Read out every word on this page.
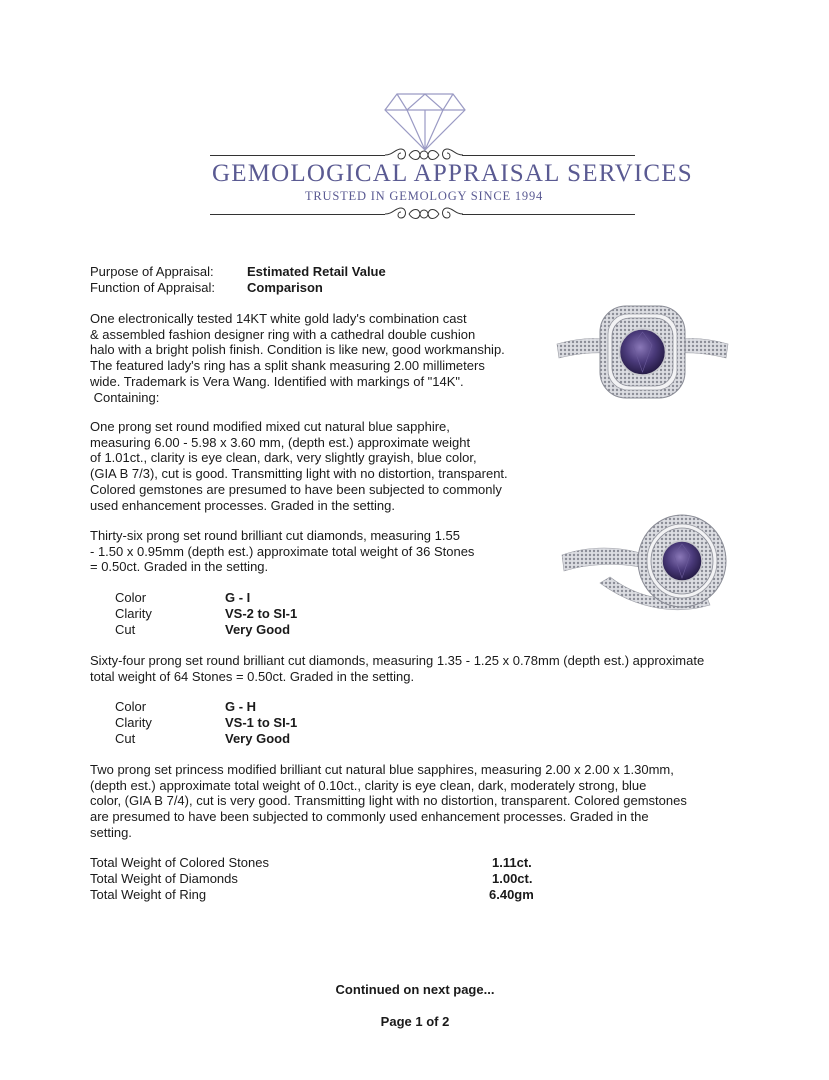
GEMOLOGICAL APPRAISAL SERVICES
TRUSTED IN GEMOLOGY SINCE 1994
Purpose of Appraisal:	Estimated Retail Value
Function of Appraisal: Comparison
One electronically tested 14KT white gold lady's combination cast
& assembled fashion designer ring with a cathedral double cushion
halo with a bright polish finish. Condition is like new, good workmanship.
The featured lady's ring has a split shank measuring 2.00 millimeters
wide. Trademark is Vera Wang. Identified with markings of "14K".
Containing:
One prong set round modified mixed cut natural blue sapphire,
measuring 6.00 - 5.98 x 3.60 mm, (depth est.) approximate weight
of 1.01ct., clarity is eye clean, dark, very slightly grayish, blue color,
(GIA B 7/3), cut is good. Transmitting light with no distortion, transparent.
Colored gemstones are presumed to have been subjected to commonly
used enhancement processes. Graded in the setting.
Thirty-six prong set round brilliant cut diamonds, measuring 1.55
- 1.50 x 0.95mm (depth est.) approximate total weight of 36 Stones
= 0.50ct. Graded in the setting.
Color	G - I
Clarity	VS-2 to SI-1
Cut	Very Good
Sixty-four prong set round brilliant cut diamonds, measuring 1.35 - 1.25 x 0.78mm (depth est.) approximate
total weight of 64 Stones = 0.50ct. Graded in the setting.
Color	G - H
Clarity	VS-1 to SI-1
Cut	Very Good
Two prong set princess modified brilliant cut natural blue sapphires, measuring 2.00 x 2.00 x 1.30mm,
(depth est.) approximate total weight of 0.10ct., clarity is eye clean, dark, moderately strong, blue
color, (GIA B 7/4), cut is very good. Transmitting light with no distortion, transparent. Colored gemstones
are presumed to have been subjected to commonly used enhancement processes. Graded in the
setting.
Total Weight of Colored Stones	1.11ct.
Total Weight of Diamonds	1.00ct.
Total Weight of Ring	6.40gm
Continued on next page...
Page 1 of 2
